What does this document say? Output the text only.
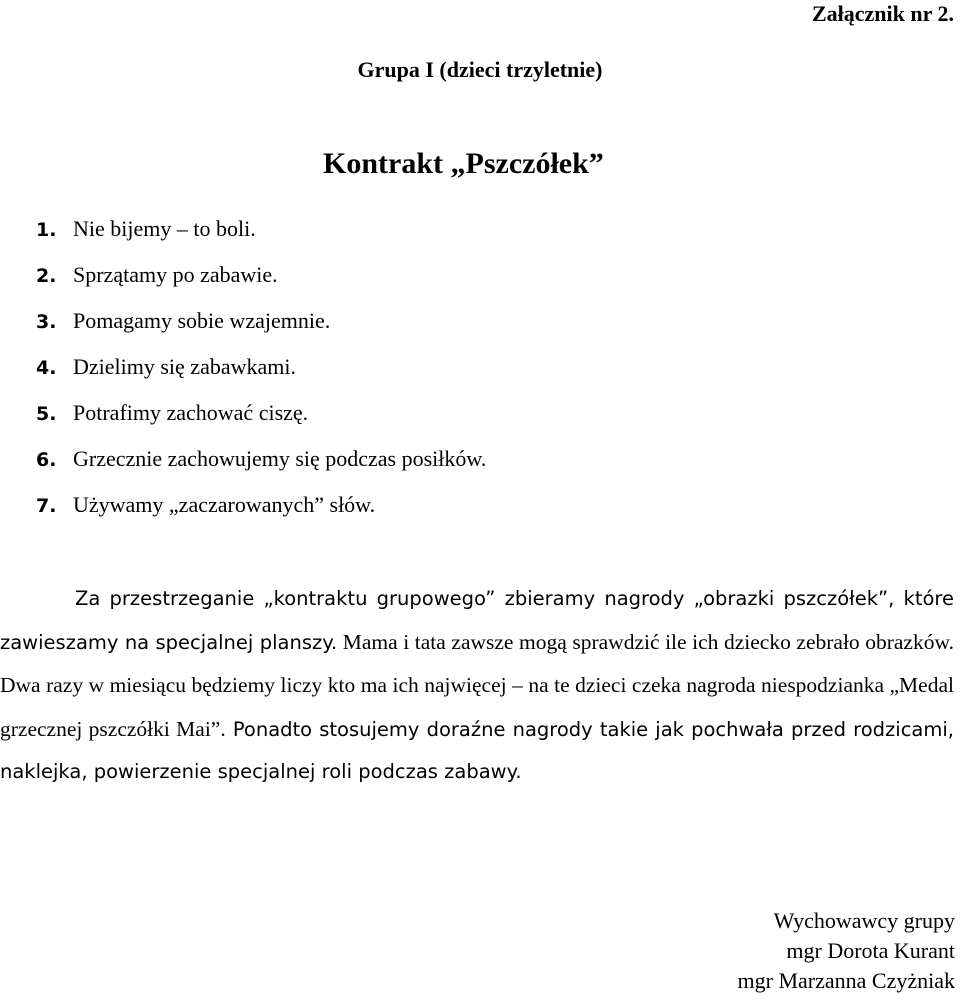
Załącznik nr 2.
Grupa I (dzieci trzyletnie)
Kontrakt „Pszczółek”
1. Nie bijemy – to boli.
2. Sprzątamy po zabawie.
3. Pomagamy sobie wzajemnie.
4. Dzielimy się zabawkami.
5. Potrafimy zachować ciszę.
6. Grzecznie zachowujemy się podczas posiłków.
7. Używamy „zaczarowanych” słów.

Za przestrzeganie „kontraktu grupowego” zbieramy nagrody „obrazki pszczółek”, które zawieszamy na specjalnej planszy. Mama i tata zawsze mogą sprawdzić ile ich dziecko zebrało obrazków. Dwa razy w miesiącu będziemy liczy kto ma ich najwięcej – na te dzieci czeka nagroda niespodzianka „Medal grzecznej pszczółki Mai”. Ponadto stosujemy doraźne nagrody takie jak pochwała przed rodzicami, naklejka, powierzenie specjalnej roli podczas zabawy.

Wychowawcy grupy
mgr Dorota Kurant
mgr Marzanna Czyżniak
